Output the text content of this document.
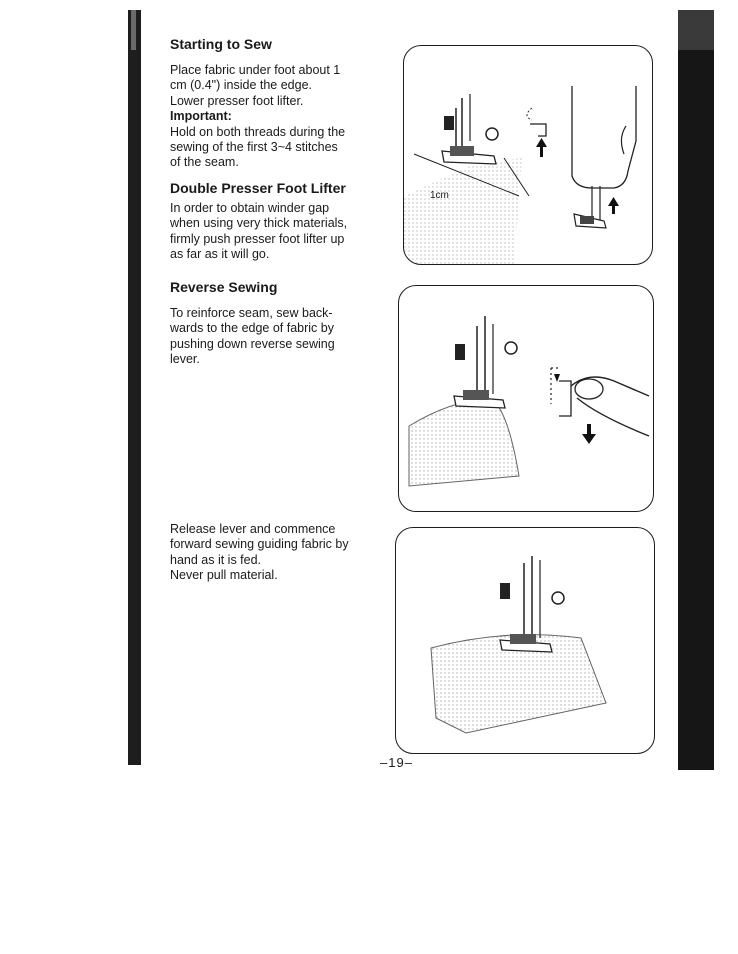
Starting to Sew

Place fabric under foot about 1

cm (0.4") inside the edge.

Lower presser foot lifter.

Important:

Hold on both threads during the

sewing of the first 3~4 stitches

of the seam.

Double Presser Foot Lifter

In order to obtain winder gap

when using very thick materials,

firmly push presser foot lifter up

as far as it will go.

Reverse Sewing

To reinforce seam, sew back-

wards to the edge of fabric by

pushing down reverse sewing

lever.

Release lever and commence

forward sewing guiding fabric by

hand as it is fed.

Never pull material.

1cm
–19–
